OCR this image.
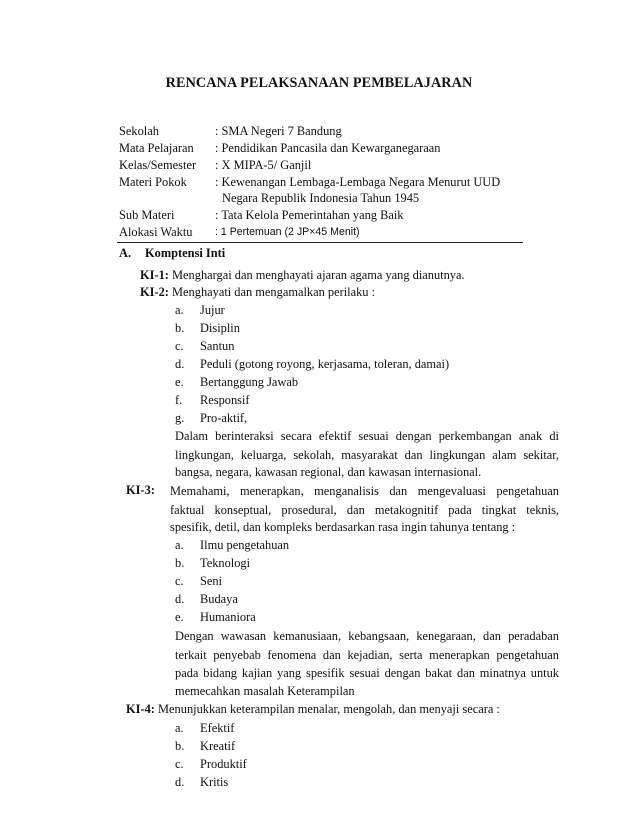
RENCANA PELAKSANAAN PEMBELAJARAN
Sekolah	: SMA Negeri 7 Bandung
Mata Pelajaran	: Pendidikan Pancasila dan Kewarganegaraan
Kelas/Semester	: X MIPA-5/ Ganjil
Materi Pokok	: Kewenangan Lembaga-Lembaga Negara Menurut UUD
Negara Republik Indonesia Tahun 1945
Sub Materi	: Tata Kelola Pemerintahan yang Baik
Alokasi Waktu	: 1 Pertemuan (2 JP×45 Menit)
A. Komptensi Inti
KI-1: Menghargai dan menghayati ajaran agama yang dianutnya.
KI-2: Menghayati dan mengamalkan perilaku :
a. Jujur
b. Disiplin
c. Santun
d. Peduli (gotong royong, kerjasama, toleran, damai)
e. Bertanggung Jawab
f. Responsif
g. Pro-aktif,
Dalam berinteraksi secara efektif sesuai dengan perkembangan anak di
lingkungan, keluarga, sekolah, masyarakat dan lingkungan alam sekitar,
bangsa, negara, kawasan regional, dan kawasan internasional.
KI-3: Memahami, menerapkan, menganalisis dan mengevaluasi pengetahuan
faktual konseptual, prosedural, dan metakognitif pada tingkat teknis,
spesifik, detil, dan kompleks berdasarkan rasa ingin tahunya tentang :
a. Ilmu pengetahuan
b. Teknologi
c. Seni
d. Budaya
e. Humaniora
Dengan wawasan kemanusiaan, kebangsaan, kenegaraan, dan peradaban
terkait penyebab fenomena dan kejadian, serta menerapkan pengetahuan
pada bidang kajian yang spesifik sesuai dengan bakat dan minatnya untuk
memecahkan masalah Keterampilan
KI-4: Menunjukkan keterampilan menalar, mengolah, dan menyaji secara :
a. Efektif
b. Kreatif
c. Produktif
d. Kritis
